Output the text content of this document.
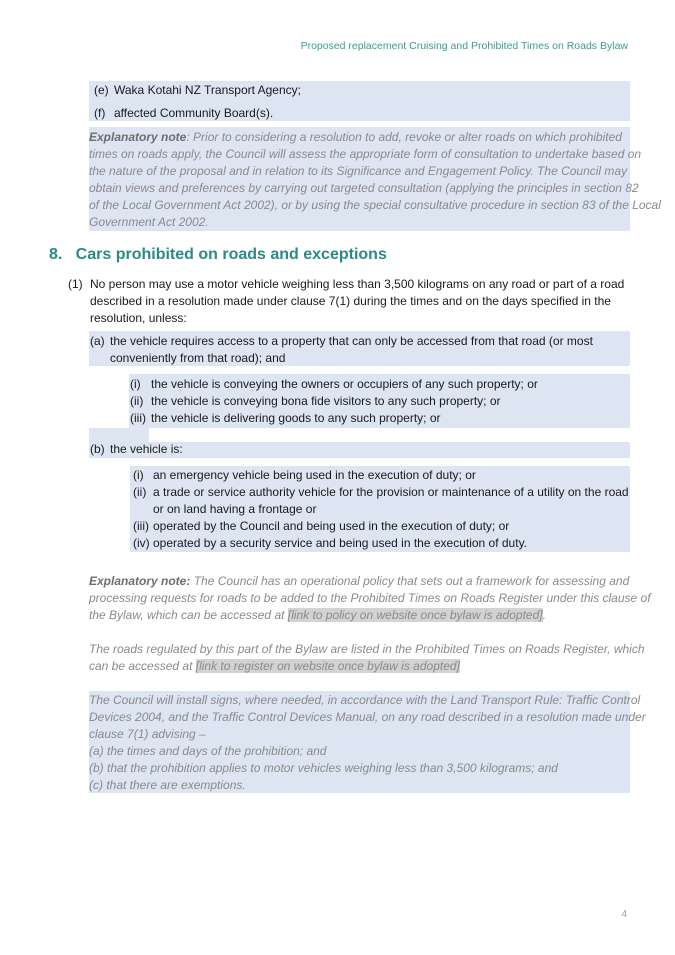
Proposed replacement Cruising and Prohibited Times on Roads Bylaw
(e) Waka Kotahi NZ Transport Agency;
(f) affected Community Board(s).
Explanatory note: Prior to considering a resolution to add, revoke or alter roads on which prohibited
times on roads apply, the Council will assess the appropriate form of consultation to undertake based on
the nature of the proposal and in relation to its Significance and Engagement Policy. The Council may
obtain views and preferences by carrying out targeted consultation (applying the principles in section 82
of the Local Government Act 2002), or by using the special consultative procedure in section 83 of the Local
Government Act 2002.
8.   Cars prohibited on roads and exceptions
(1) No person may use a motor vehicle weighing less than 3,500 kilograms on any road or part of a road
described in a resolution made under clause 7(1) during the times and on the days specified in the
resolution, unless:
(a) the vehicle requires access to a property that can only be accessed from that road (or most
conveniently from that road); and
(i) the vehicle is conveying the owners or occupiers of any such property; or
(ii) the vehicle is conveying bona fide visitors to any such property; or
(iii) the vehicle is delivering goods to any such property; or
(b) the vehicle is:
(i) an emergency vehicle being used in the execution of duty; or
(ii) a trade or service authority vehicle for the provision or maintenance of a utility on the road
or on land having a frontage or
(iii) operated by the Council and being used in the execution of duty; or
(iv) operated by a security service and being used in the execution of duty.
Explanatory note: The Council has an operational policy that sets out a framework for assessing and
processing requests for roads to be added to the Prohibited Times on Roads Register under this clause of
the Bylaw, which can be accessed at [link to policy on website once bylaw is adopted].
The roads regulated by this part of the Bylaw are listed in the Prohibited Times on Roads Register, which
can be accessed at [link to register on website once bylaw is adopted]
The Council will install signs, where needed, in accordance with the Land Transport Rule: Traffic Control
Devices 2004, and the Traffic Control Devices Manual, on any road described in a resolution made under
clause 7(1) advising –
(a) the times and days of the prohibition; and
(b) that the prohibition applies to motor vehicles weighing less than 3,500 kilograms; and
(c) that there are exemptions.
4
